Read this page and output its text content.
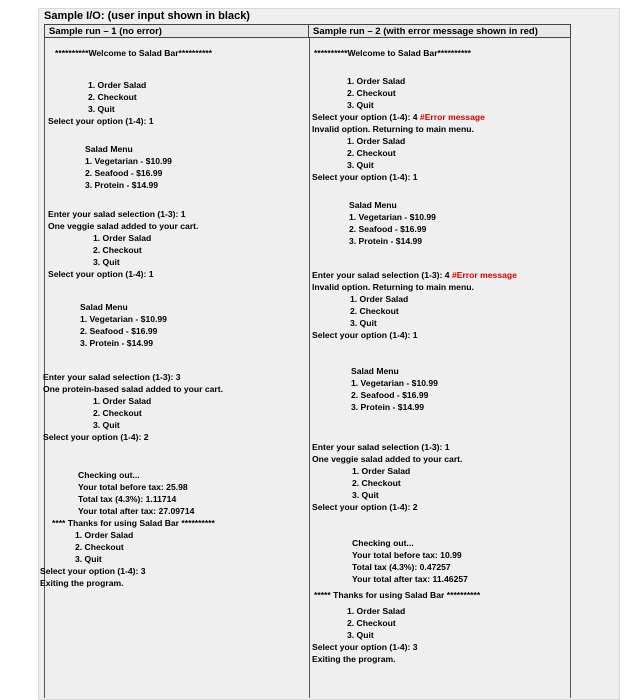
Sample I/O: (user input shown in black)
Sample run – 1 (no error)	Sample run – 2 (with error message shown in red)
**********Welcome to Salad Bar**********
1. Order Salad
2. Checkout
3. Quit
Select your option (1-4): 1
Salad Menu
1. Vegetarian - $10.99
2. Seafood - $16.99
3. Protein - $14.99
Enter your salad selection (1-3): 1
One veggie salad added to your cart.
1. Order Salad
2. Checkout
3. Quit
Select your option (1-4): 1
Salad Menu
1. Vegetarian - $10.99
2. Seafood - $16.99
3. Protein - $14.99
Enter your salad selection (1-3): 3
One protein-based salad added to your cart.
1. Order Salad
2. Checkout
3. Quit
Select your option (1-4): 2
Checking out...
Your total before tax: 25.98
Total tax (4.3%): 1.11714
Your total after tax: 27.09714
**** Thanks for using Salad Bar **********
1. Order Salad
2. Checkout
3. Quit
Select your option (1-4): 3
Exiting the program.
**********Welcome to Salad Bar**********
1. Order Salad
2. Checkout
3. Quit
Select your option (1-4): 4 #Error message
Invalid option. Returning to main menu.
1. Order Salad
2. Checkout
3. Quit
Select your option (1-4): 1
Salad Menu
1. Vegetarian - $10.99
2. Seafood - $16.99
3. Protein - $14.99
Enter your salad selection (1-3): 4 #Error message
Invalid option. Returning to main menu.
1. Order Salad
2. Checkout
3. Quit
Select your option (1-4): 1
Salad Menu
1. Vegetarian - $10.99
2. Seafood - $16.99
3. Protein - $14.99
Enter your salad selection (1-3): 1
One veggie salad added to your cart.
1. Order Salad
2. Checkout
3. Quit
Select your option (1-4): 2
Checking out...
Your total before tax: 10.99
Total tax (4.3%): 0.47257
Your total after tax: 11.46257
***** Thanks for using Salad Bar **********
1. Order Salad
2. Checkout
3. Quit
Select your option (1-4): 3
Exiting the program.
